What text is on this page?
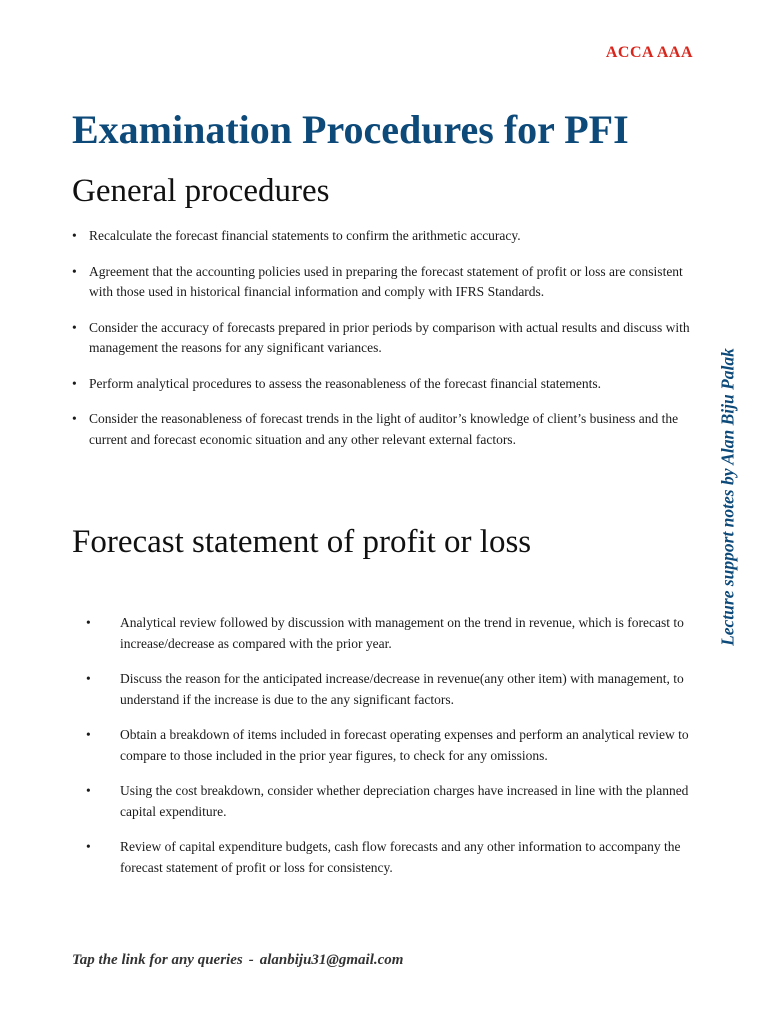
ACCA AAA
Examination Procedures for PFI
General procedures
• Recalculate the forecast financial statements to confirm the arithmetic accuracy.
• Agreement that the accounting policies used in preparing the forecast statement of profit or loss are consistent with those used in historical financial information and comply with IFRS Standards.
• Consider the accuracy of forecasts prepared in prior periods by comparison with actual results and discuss with management the reasons for any significant variances.
• Perform analytical procedures to assess the reasonableness of the forecast financial statements.
• Consider the reasonableness of forecast trends in the light of auditor’s knowledge of client’s business and the current and forecast economic situation and any other relevant external factors.
Forecast statement of profit or loss
• Analytical review followed by discussion with management on the trend in revenue, which is forecast to increase/decrease as compared with the prior year.
• Discuss the reason for the anticipated increase/decrease in revenue(any other item) with management, to understand if the increase is due to the any significant factors.
• Obtain a breakdown of items included in forecast operating expenses and perform an analytical review to compare to those included in the prior year figures, to check for any omissions.
• Using the cost breakdown, consider whether depreciation charges have increased in line with the planned capital expenditure.
• Review of capital expenditure budgets, cash flow forecasts and any other information to accompany the forecast statement of profit or loss for consistency.
Lecture support notes by Alan Biju Palak
Tap the link for any queries - alanbiju31@gmail.com
